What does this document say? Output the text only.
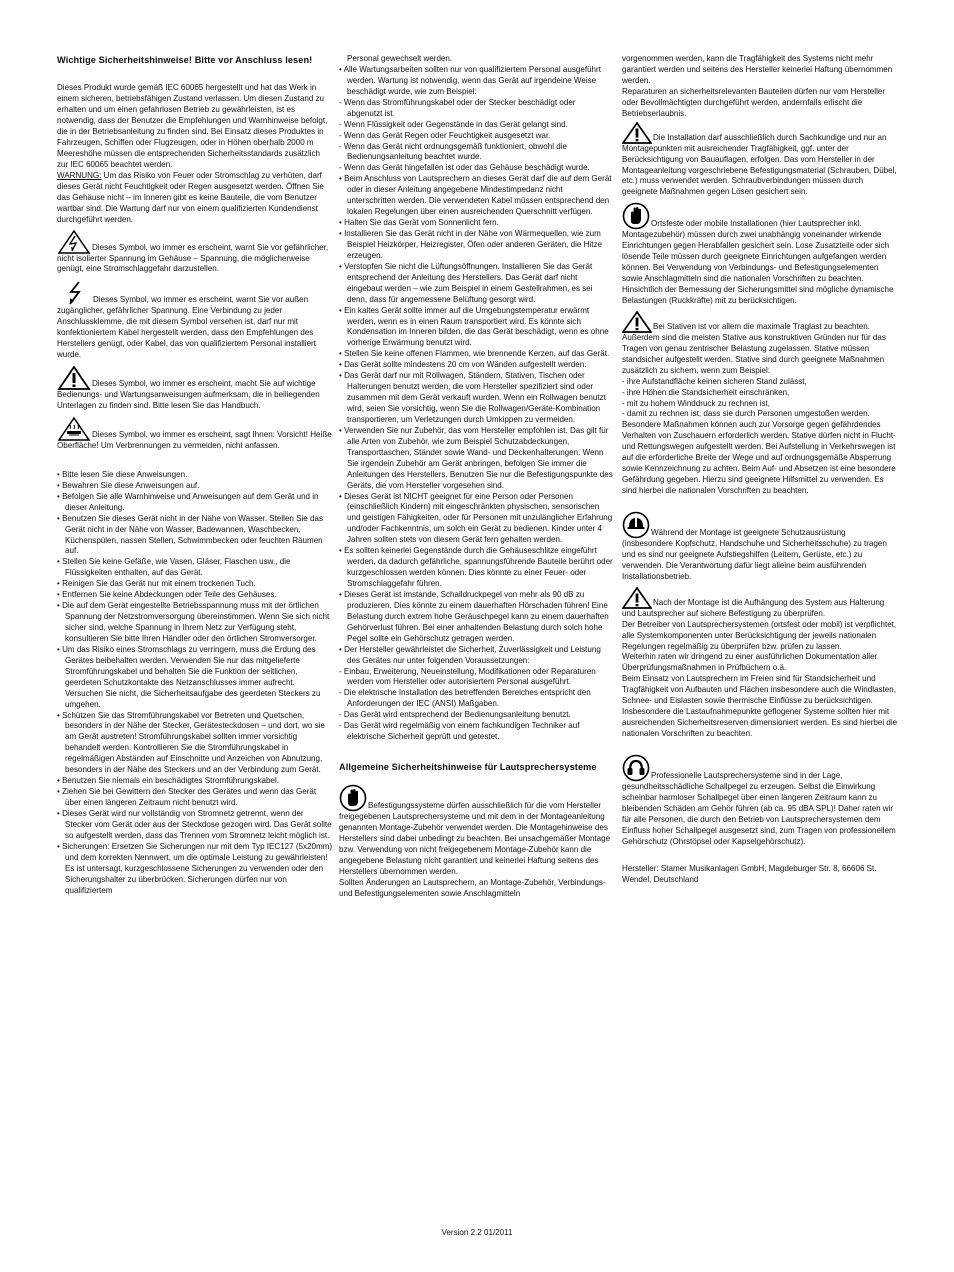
Wichtige Sicherheitshinweise! Bitte vor Anschluss lesen!

Dieses Produkt wurde gemäß IEC 60065 hergestellt und hat das Werk in einem sicheren, betriebsfähigen Zustand verlassen. Um diesen Zustand zu erhalten und um einen gefahrlosen Betrieb zu gewährleisten, ist es notwendig, dass der Benutzer die Empfehlungen und Warnhinweise befolgt, die in der Betriebsanleitung zu finden sind. Bei Einsatz dieses Produktes in Fahrzeugen, Schiffen oder Flugzeugen, oder in Höhen oberhalb 2000 m Meereshöhe müssen die entsprechenden Sicherheitsstandards zusätzlich zur IEC 60065 beachtet werden.
WARNUNG: Um das Risiko von Feuer oder Stromschlag zu verhüten, darf dieses Gerät nicht Feuchtigkeit oder Regen ausgesetzt werden. Öffnen Sie das Gehäuse nicht – im Inneren gibt es keine Bauteile, die vom Benutzer wartbar sind. Die Wartung darf nur von einem qualifizierten Kundendienst durchgeführt werden.

Dieses Symbol, wo immer es erscheint, warnt Sie vor gefährlicher, nicht isolierter Spannung im Gehäuse – Spannung, die möglicherweise genügt, eine Stromschlaggefahr darzustellen.

Dieses Symbol, wo immer es erscheint, warnt Sie vor außen zugänglicher, gefährlicher Spannung. Eine Verbindung zu jeder Anschlussklemme, die mit diesem Symbol versehen ist, darf nur mit konfektioniertem Kabel hergestellt werden, dass den Empfehlungen des Herstellers genügt, oder Kabel, das von qualifiziertem Personal installiert wurde.

Dieses Symbol, wo immer es erscheint, macht Sie auf wichtige Bedienungs- und Wartungsanweisungen aufmerksam, die in beiliegenden Unterlagen zu finden sind. Bitte lesen Sie das Handbuch.

Dieses Symbol, wo immer es erscheint, sagt Ihnen: Vorsicht! Heiße Oberfläche! Um Verbrennungen zu vermeiden, nicht anfassen.

• Bitte lesen Sie diese Anweisungen.

• Bewahren Sie diese Anweisungen auf.

• Befolgen Sie alle Warnhinweise und Anweisungen auf dem Gerät und in dieser Anleitung.

• Benutzen Sie dieses Gerät nicht in der Nähe von Wasser. Stellen Sie das Gerät nicht in der Nähe von Wasser, Badewannen, Waschbecken, Küchenspülen, nassen Stellen, Schwimmbecken oder feuchten Räumen auf.

• Stellen Sie keine Gefäße, wie Vasen, Gläser, Flaschen usw., die Flüssigkeiten enthalten, auf das Gerät.

• Reinigen Sie das Gerät nur mit einem trockenen Tuch.

• Entfernen Sie keine Abdeckungen oder Teile des Gehäuses.

• Die auf dem Gerät eingestellte Betriebsspannung muss mit der örtlichen Spannung der Netzstromversorgung übereinstimmen. Wenn Sie sich nicht sicher sind, welche Spannung in Ihrem Netz zur Verfügung steht, konsultieren Sie bitte Ihren Händler oder den örtlichen Stromversorger.

• Um das Risiko eines Stromschlags zu verringern, muss die Erdung des Gerätes beibehalten werden. Verwenden Sie nur das mitgelieferte Stromführungskabel und behalten Sie die Funktion der seitlichen, geerdeten Schutzkontakte des Netzanschlusses immer aufrecht. Versuchen Sie nicht, die Sicherheitsaufgabe des geerdeten Steckers zu umgehen.

• Schützen Sie das Stromführungskabel vor Betreten und Quetschen, besonders in der Nähe der Stecker, Gerätesteckdosen – und dort, wo sie am Gerät austreten! Stromführungskabel sollten immer vorsichtig behandelt werden. Kontrollieren Sie die Stromführungskabel in regelmäßigen Abständen auf Einschnitte und Anzeichen von Abnutzung, besonders in der Nähe des Steckers und an der Verbindung zum Gerät.

• Benutzen Sie niemals ein beschädigtes Stromführungskabel.

• Ziehen Sie bei Gewittern den Stecker des Gerätes und wenn das Gerät über einen längeren Zeitraum nicht benutzt wird.

• Dieses Gerät wird nur vollständig von Stromnetz getrennt, wenn der Stecker vom Gerät oder aus der Steckdose gezogen wird. Das Gerät sollte so aufgestellt werden, dass das Trennen vom Stromnetz leicht möglich ist.

• Sicherungen: Ersetzen Sie Sicherungen nur mit dem Typ IEC127 (5x20mm) und dem korrekten Nennwert, um die optimale Leistung zu gewährleisten! Es ist untersagt, kurzgeschlossene Sicherungen zu verwenden oder den Sicherungshalter zu überbrücken. Sicherungen dürfen nur von qualifiziertem

Personal gewechselt werden.

• Alle Wartungsarbeiten sollten nur von qualifiziertem Personal ausgeführt werden. Wartung ist notwendig, wenn das Gerät auf irgendeine Weise beschädigt wurde, wie zum Beispiel:

- Wenn das Stromführungskabel oder der Stecker beschädigt oder abgenutzt ist.

- Wenn Flüssigkeit oder Gegenstände in das Gerät gelangt sind.

- Wenn das Gerät Regen oder Feuchtigkeit ausgesetzt war.

- Wenn das Gerät nicht ordnungsgemäß funktioniert, obwohl die Bedienungsanleitung beachtet wurde.

- Wenn das Gerät hingefallen ist oder das Gehäuse beschädigt wurde.

• Beim Anschluss von Lautsprechern an dieses Gerät darf die auf dem Gerät oder in dieser Anleitung angegebene Mindestimpedanz nicht unterschritten werden. Die verwendeten Kabel müssen entsprechend den lokalen Regelungen über einen ausreichenden Querschnitt verfügen.

• Halten Sie das Gerät vom Sonnenlicht fern.

• Installieren Sie das Gerät nicht in der Nähe von Wärmequellen, wie zum Beispiel Heizkörper, Heizregister, Öfen oder anderen Geräten, die Hitze erzeugen.

• Verstopfen Sie nicht die Lüftungsöffnungen. Installieren Sie das Gerät entsprechend der Anleitung des Herstellers. Das Gerät darf nicht eingebaut werden – wie zum Beispiel in einem Gestellrahmen, es sei denn, dass für angemessene Belüftung gesorgt wird.

• Ein kaltes Gerät sollte immer auf die Umgebungstemperatur erwärmt werden, wenn es in einen Raum transportiert wird. Es könnte sich Kondensation im Inneren bilden, die das Gerät beschädigt, wenn es ohne vorherige Erwärmung benutzt wird.

• Stellen Sie keine offenen Flammen, wie brennende Kerzen, auf das Gerät.

• Das Gerät sollte mindestens 20 cm von Wänden aufgestellt werden.

• Das Gerät darf nur mit Rollwagen, Ständern, Stativen, Tischen oder Halterungen benutzt werden, die vom Hersteller spezifiziert sind oder zusammen mit dem Gerät verkauft wurden. Wenn ein Rollwagen benutzt wird, seien Sie vorsichtig, wenn Sie die Rollwagen/Geräte-Kombination transportieren, um Verletzungen durch Umkippen zu vermeiden.

• Verwenden Sie nur Zubehör, das vom Hersteller empfohlen ist. Das gilt für alle Arten von Zubehör, wie zum Beispiel Schutzabdeckungen, Transporttaschen, Ständer sowie Wand- und Deckenhalterungen. Wenn Sie irgendein Zubehör am Gerät anbringen, befolgen Sie immer die Anleitungen des Herstellers. Benutzen Sie nur die Befestigungspunkte des Geräts, die vom Hersteller vorgesehen sind.

• Dieses Gerät ist NICHT geeignet für eine Person oder Personen (einschließlich Kindern) mit eingeschränkten physischen, sensorischen und geistigen Fähigkeiten, oder für Personen mit unzulänglicher Erfahrung und/oder Fachkenntnis, um solch ein Gerät zu bedienen. Kinder unter 4 Jahren sollten stets von diesem Gerät fern gehalten werden.

• Es sollten keinerlei Gegenstände durch die Gehäuseschlitze eingeführt werden, da dadurch gefährliche, spannungsführende Bauteile berührt oder kurzgeschlossen werden können. Dies könnte zu einer Feuer- oder Stromschlaggefahr führen.

• Dieses Gerät ist imstande, Schalldruckpegel von mehr als 90 dB zu produzieren. Dies könnte zu einem dauerhaften Hörschaden führen! Eine Belastung durch extrem hohe Geräuschpegel kann zu einem dauerhaften Gehörverlust führen. Bei einer anhaltenden Belastung durch solch hohe Pegel sollte ein Gehörschutz getragen werden.

• Der Hersteller gewährleistet die Sicherheit, Zuverlässigkeit und Leistung des Gerätes nur unter folgenden Voraussetzungen:

- Einbau, Erweiterung, Neueinstellung, Modifikationen oder Reparaturen werden vom Hersteller oder autorisiertem Personal ausgeführt.

- Die elektrische Installation des betreffenden Bereiches entspricht den Anforderungen der IEC (ANSI) Maßgaben.

- Das Gerät wird entsprechend der Bedienungsanleitung benutzt.

- Das Gerät wird regelmäßig von einem fachkundigen Techniker auf elektrische Sicherheit geprüft und getestet.

Allgemeine Sicherheitshinweise für Lautsprechersysteme

Befestigungssysteme dürfen ausschließlich für die vom Hersteller freigegebenen Lautsprechersysteme und mit dem in der Montageanleitung genannten Montage-Zubehör verwendet werden. Die Montagehinweise des Herstellers sind dabei unbedingt zu beachten. Bei unsachgemäßer Montage bzw. Verwendung von nicht freigegebenem Montage-Zubehör kann die angegebene Belastung nicht garantiert und keinerlei Haftung seitens des Herstellers übernommen werden.

Sollten Änderungen an Lautsprechern, an Montage-Zubehör, Verbindungs- und Befestigungselementen sowie Anschlagmitteln

vorgenommen werden, kann die Tragfähigkeit des Systems nicht mehr garantiert werden und seitens des Hersteller keinerlei Haftung übernommen werden.

Reparaturen an sicherheitsrelevanten Bauteilen dürfen nur vom Hersteller oder Bevollmächtigten durchgeführt werden, andernfalls erlischt die Betriebserlaubnis.

Die Installation darf ausschließlich durch Sachkundige und nur an Montagepunkten mit ausreichender Tragfähigkeit, ggf. unter der Berücksichtigung von Bauauflagen, erfolgen. Das vom Hersteller in der Montageanleitung vorgeschriebene Befestigungsmaterial (Schrauben, Dübel, etc.) muss verwendet werden. Schraubverbindungen müssen durch geeignete Maßnahmen gegen Lösen gesichert sein.

Ortsfeste oder mobile Installationen (hier Lautsprecher inkl. Montagezubehör) müssen durch zwei unabhängig voneinander wirkende Einrichtungen gegen Herabfallen gesichert sein. Lose Zusatzteile oder sich lösende Teile müssen durch geeignete Einrichtungen aufgefangen werden können. Bei Verwendung von Verbindungs- und Befestigungselementen sowie Anschlagmitteln sind die nationalen Vorschriften zu beachten. Hinsichtlich der Bemessung der Sicherungsmittel sind mögliche dynamische Belastungen (Ruckkräfte) mit zu berücksichtigen.

Bei Stativen ist vor allem die maximale Traglast zu beachten. Außerdem sind die meisten Stative aus konstruktiven Gründen nur für das Tragen von genau zentrischer Belastung zugelassen. Stative müssen standsicher aufgestellt werden. Stative sind durch geeignete Maßnahmen zusätzlich zu sichern, wenn zum Beispiel:

- ihre Aufstandfläche keinen sicheren Stand zulässt,

- ihre Höhen die Standsicherheit einschränken,

- mit zu hohem Winddruck zu rechnen ist,

- damit zu rechnen ist, dass sie durch Personen umgestoßen werden.

Besondere Maßnahmen können auch zur Vorsorge gegen gefährdendes Verhalten von Zuschauern erforderlich werden. Stative dürfen nicht in Flucht- und Rettungswegen aufgestellt werden. Bei Aufstellung in Verkehrswegen ist auf die erforderliche Breite der Wege und auf ordnungsgemäße Absperrung sowie Kennzeichnung zu achten. Beim Auf- und Absetzen ist eine besondere Gefährdung gegeben. Hierzu sind geeignete Hilfsmittel zu verwenden. Es sind hierbei die nationalen Vorschriften zu beachten.

Während der Montage ist geeignete Schutzausrüstung (insbesondere Kopfschutz, Handschuhe und Sicherheitsschuhe) zu tragen und es sind nur geeignete Aufstiegshilfen (Leitern, Gerüste, etc.) zu verwenden. Die Verantwortung dafür liegt alleine beim ausführenden Installationsbetrieb.

Nach der Montage ist die Aufhängung des System aus Halterung und Lautsprecher auf sichere Befestigung zu überprüfen.

Der Betreiber von Lautsprechersystemen (ortsfest oder mobil) ist verpflichtet, alle Systemkomponenten unter Berücksichtigung der jeweils nationalen Regelungen regelmäßig zu überprüfen bzw. prüfen zu lassen.

Weiterhin raten wir dringend zu einer ausführlichen Dokumentation aller Überprüfungsmaßnahmen in Prüfbüchern o.ä.

Beim Einsatz von Lautsprechern im Freien sind für Standsicherheit und Tragfähigkeit von Aufbauten und Flächen insbesondere auch die Windlasten, Schnee- und Eislasten sowie thermische Einflüsse zu berücksichtigen. Insbesondere die Lastaufnahmepunkte geflogener Systeme sollten hier mit ausreichenden Sicherheitsreserven dimensioniert werden. Es sind hierbei die nationalen Vorschriften zu beachten.

Professionelle Lautsprechersysteme sind in der Lage, gesundheitsschädliche Schallpegel zu erzeugen. Selbst die Einwirkung scheinbar harmloser Schallpegel über einen längeren Zeitraum kann zu bleibenden Schäden am Gehör führen (ab ca. 95 dBA SPL)! Daher raten wir für alle Personen, die durch den Betrieb von Lautsprechersystemen dem Einfluss hoher Schallpegel ausgesetzt sind, zum Tragen von professionellem Gehörschutz (Ohrstöpsel oder Kapselgehörschutz).

Hersteller: Stamer Musikanlagen GmbH, Magdeburger Str. 8, 66606 St. Wendel, Deutschland

Version 2.2 01/2011
